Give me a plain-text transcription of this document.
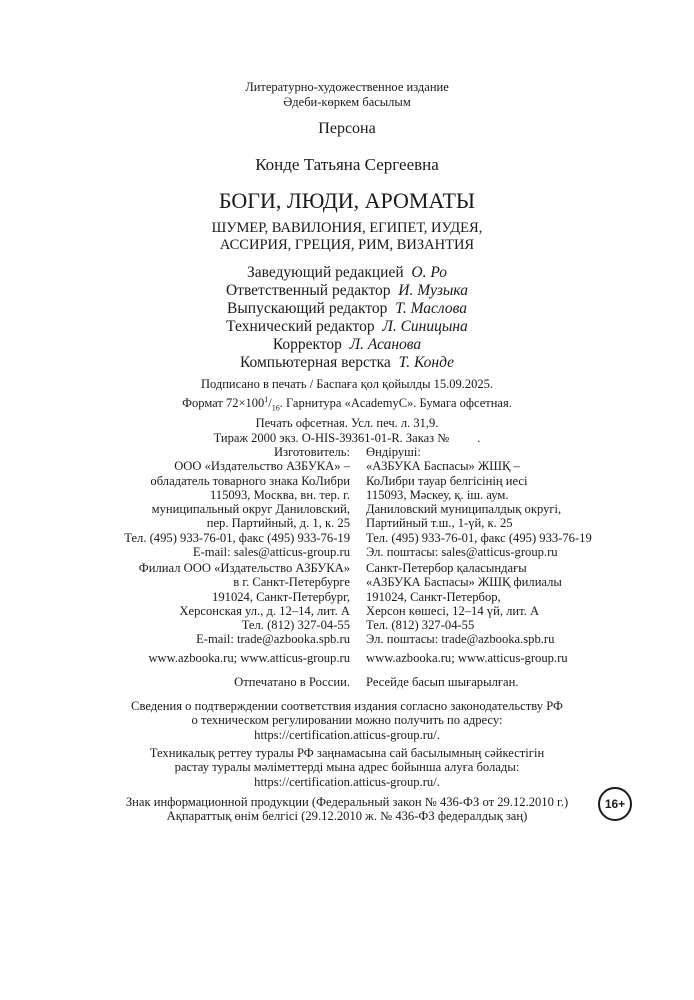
Литературно-художественное издание
Әдеби-көркем басылым
Персона
Конде Татьяна Сергеевна
БОГИ, ЛЮДИ, АРОМАТЫ
ШУМЕР, ВАВИЛОНИЯ, ЕГИПЕТ, ИУДЕЯ,
АССИРИЯ, ГРЕЦИЯ, РИМ, ВИЗАНТИЯ
Заведующий редакцией О. Ро
Ответственный редактор И. Музыка
Выпускающий редактор Т. Маслова
Технический редактор Л. Синицына
Корректор Л. Асанова
Компьютерная верстка Т. Конде
Подписано в печать / Баспаға қол қойылды 15.09.2025.
Формат $72\times 100^1/_{16}$. Гарнитура «AcademyC». Бумага офсетная.
Печать офсетная. Усл. печ. л. 31,9.
Тираж 2000 экз. O-HIS-39361-01-R. Заказ №         .
Изготовитель:
ООО «Издательство АЗБУКА» –
обладатель товарного знака КоЛибри
115093, Москва, вн. тер. г.
муниципальный округ Даниловский,
пер. Партийный, д. 1, к. 25
Тел. (495) 933-76-01, факс (495) 933-76-19
E-mail: sales@atticus-group.ru
Өндіруші:
«АЗБУКА Баспасы» ЖШҚ –
КоЛибри тауар белгісінің иесі
115093, Мәскеу, қ. іш. аум.
Даниловский муниципалдық округі,
Партийный т.ш., 1-үй, к. 25
Тел. (495) 933-76-01, факс (495) 933-76-19
Эл. поштасы: sales@atticus-group.ru
Филиал ООО «Издательство АЗБУКА»
в г. Санкт-Петербурге
191024, Санкт-Петербург,
Херсонская ул., д. 12–14, лит. А
Тел. (812) 327-04-55
E-mail: trade@azbooka.spb.ru
Санкт-Петербор қаласындағы
«АЗБУКА Баспасы» ЖШҚ филиалы
191024, Санкт-Петербор,
Херсон көшесі, 12–14 үй, лит. А
Тел. (812) 327-04-55
Эл. поштасы: trade@azbooka.spb.ru
www.azbooka.ru; www.atticus-group.ru www.azbooka.ru; www.atticus-group.ru
Отпечатано в России. Ресейде басып шығарылған.
Сведения о подтверждении соответствия издания согласно законодательству РФ
о техническом регулировании можно получить по адресу:
https://certification.atticus-group.ru/.
Техникалық реттеу туралы РФ заңнамасына сай басылымның сәйкестігін
растау туралы мәліметтерді мына адрес бойынша алуға болады:
https://certification.atticus-group.ru/.
Знак информационной продукции (Федеральный закон № 436-ФЗ от 29.12.2010 г.)
Ақпараттық өнім белгісі (29.12.2010 ж. № 436-ФЗ федералдық заң)
16+
